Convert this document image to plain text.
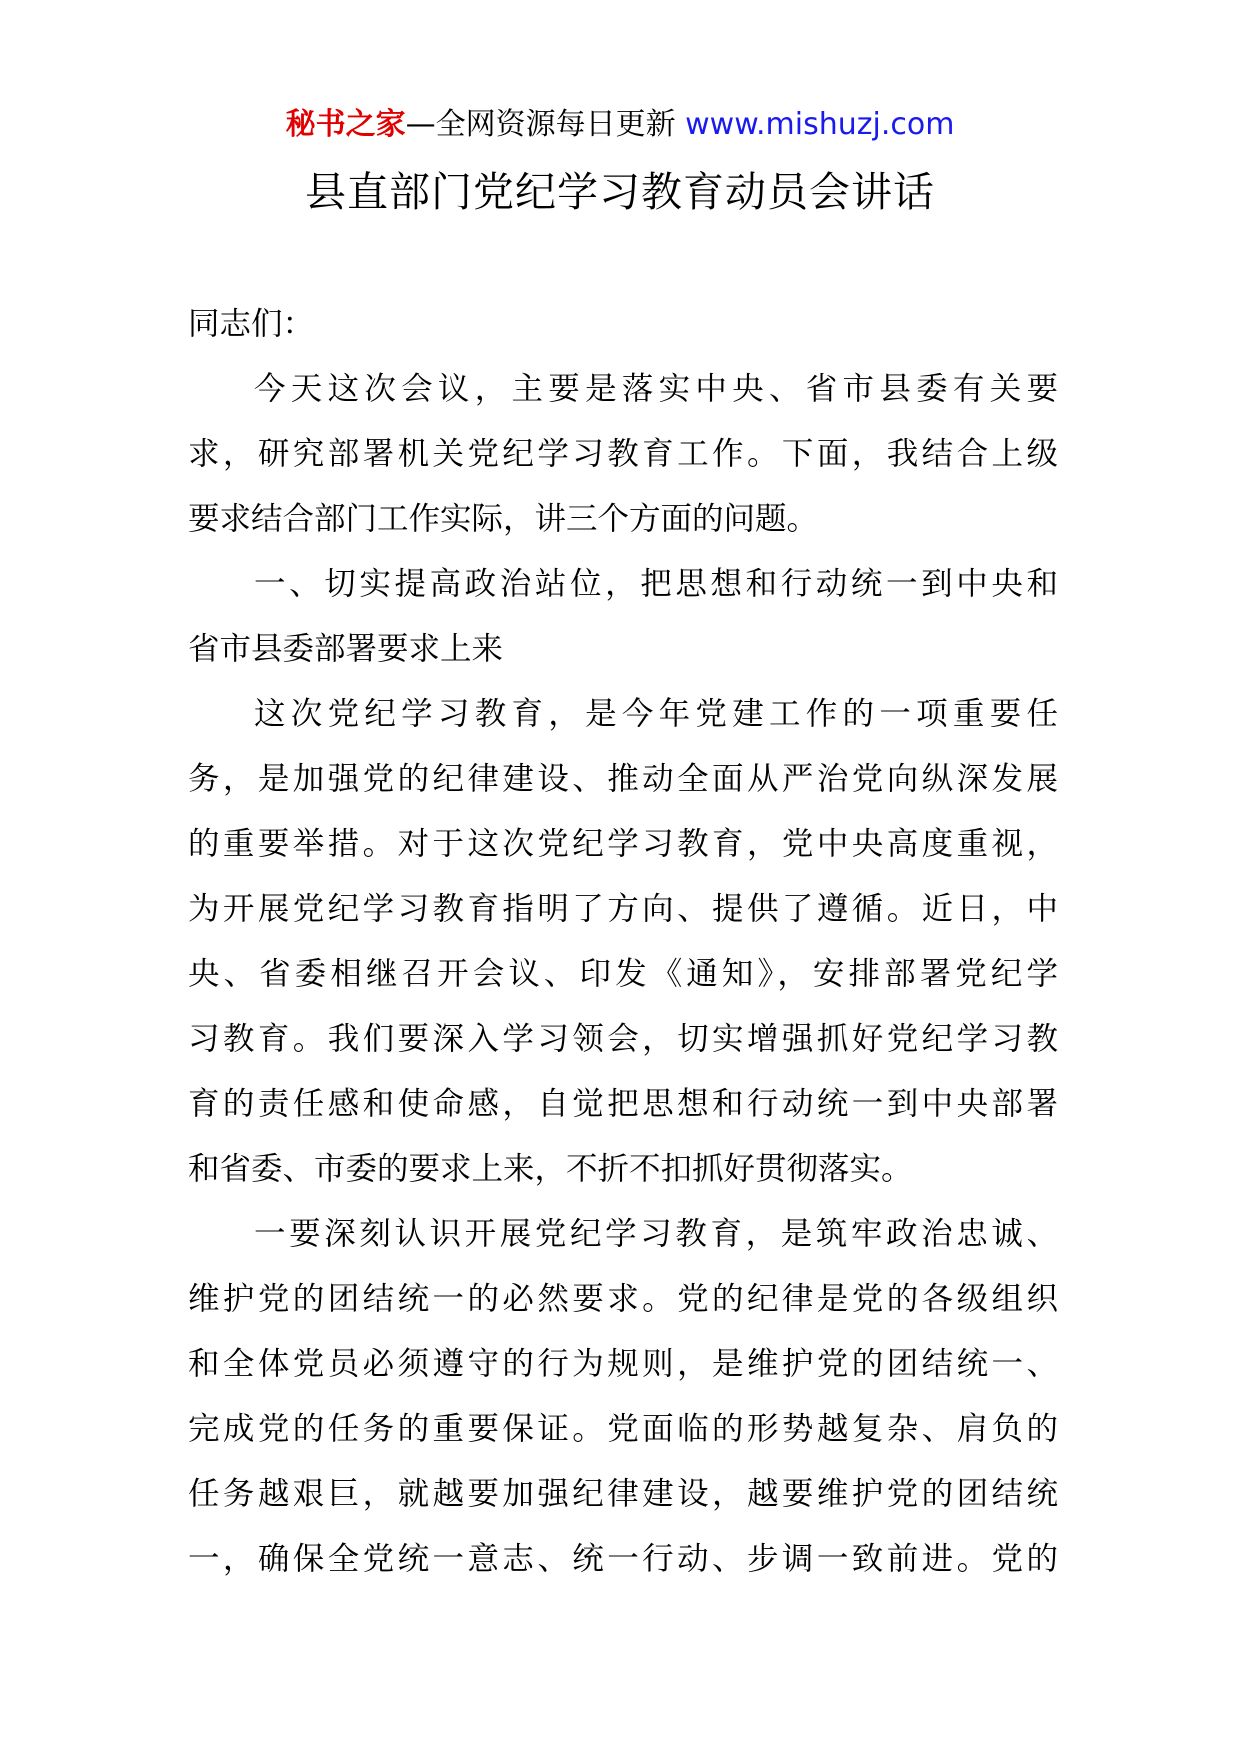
秘书之家—全网资源每日更新 www.mishuzj.com
县直部门党纪学习教育动员会讲话
同志们：
今天这次会议，主要是落实中央、省市县委有关要
求，研究部署机关党纪学习教育工作。下面，我结合上级
要求结合部门工作实际，讲三个方面的问题。
一、切实提高政治站位，把思想和行动统一到中央和
省市县委部署要求上来
这次党纪学习教育，是今年党建工作的一项重要任
务，是加强党的纪律建设、推动全面从严治党向纵深发展
的重要举措。对于这次党纪学习教育，党中央高度重视，
为开展党纪学习教育指明了方向、提供了遵循。近日，中
央、省委相继召开会议、印发《通知》，安排部署党纪学
习教育。我们要深入学习领会，切实增强抓好党纪学习教
育的责任感和使命感，自觉把思想和行动统一到中央部署
和省委、市委的要求上来，不折不扣抓好贯彻落实。
一要深刻认识开展党纪学习教育，是筑牢政治忠诚、
维护党的团结统一的必然要求。党的纪律是党的各级组织
和全体党员必须遵守的行为规则，是维护党的团结统一、
完成党的任务的重要保证。党面临的形势越复杂、肩负的
任务越艰巨，就越要加强纪律建设，越要维护党的团结统
一，确保全党统一意志、统一行动、步调一致前进。党的
